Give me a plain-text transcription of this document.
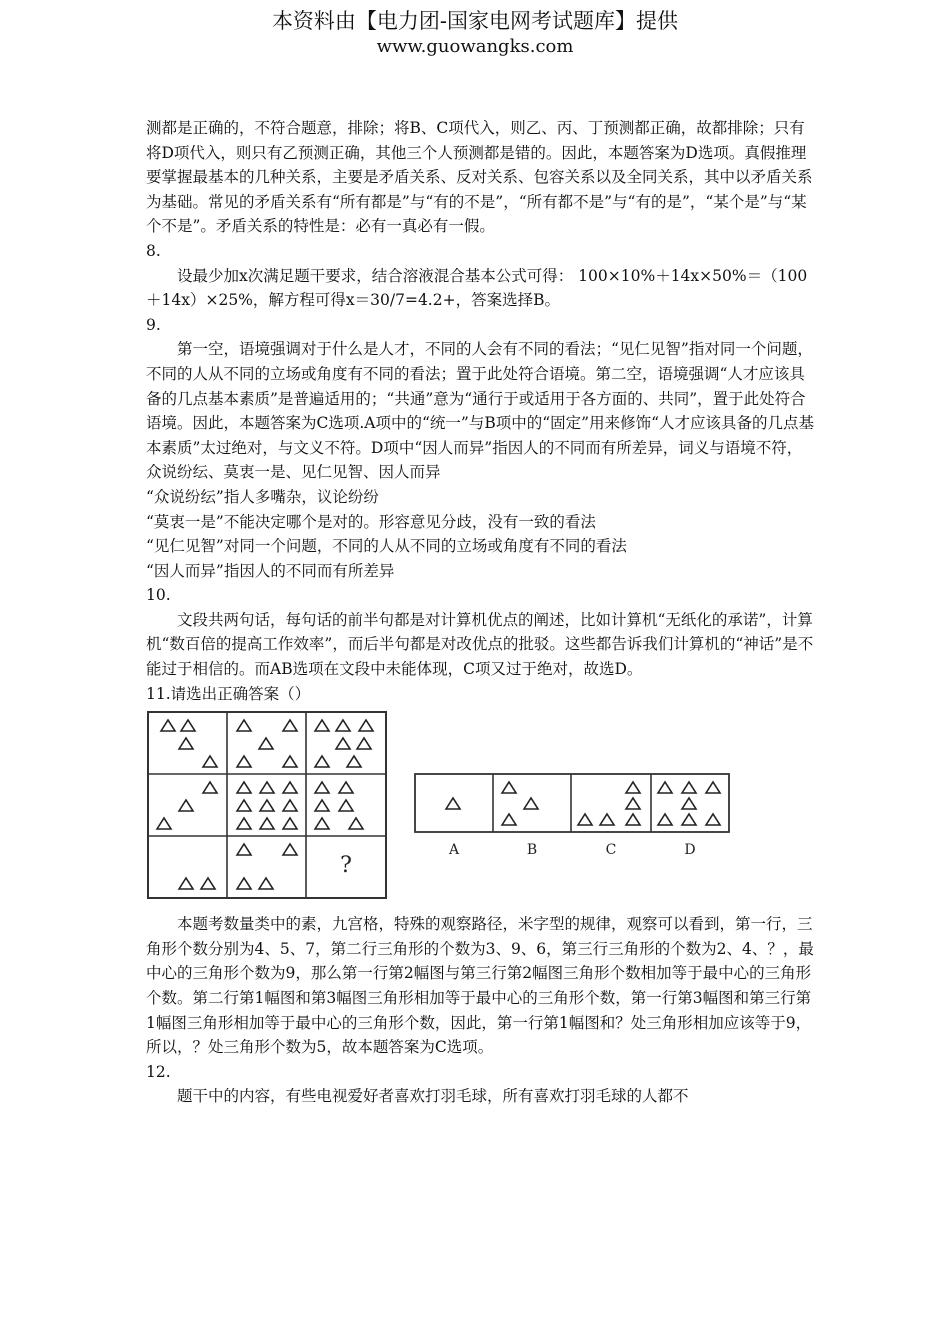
本资料由【电力团-国家电网考试题库】提供
www.guowangks.com

测都是正确的，不符合题意，排除；将B、C项代入，则乙、丙、丁预测都正确，故都排除；只有将D项代入，则只有乙预测正确，其他三个人预测都是错的。因此，本题答案为D选项。真假推理要掌握最基本的几种关系，主要是矛盾关系、反对关系、包容关系以及全同关系，其中以矛盾关系为基础。常见的矛盾关系有“所有都是”与“有的不是”，“所有都不是”与“有的是”，“某个是”与“某个不是”。矛盾关系的特性是：必有一真必有一假。

8.

设最少加x次满足题干要求，结合溶液混合基本公式可得： 100×10%＋14x×50%＝（100＋14x）×25%，解方程可得x＝30/7=4.2+，答案选择B。

9.

第一空，语境强调对于什么是人才，不同的人会有不同的看法；“见仁见智”指对同一个问题，不同的人从不同的立场或角度有不同的看法；置于此处符合语境。第二空，语境强调“人才应该具备的几点基本素质”是普遍适用的；“共通”意为“通行于或适用于各方面的、共同”，置于此处符合语境。因此，本题答案为C选项.A项中的“统一”与B项中的“固定”用来修饰“人才应该具备的几点基本素质”太过绝对，与文义不符。D项中“因人而异”指因人的不同而有所差异，词义与语境不符，众说纷纭、莫衷一是、见仁见智、因人而异

“众说纷纭”指人多嘴杂，议论纷纷

“莫衷一是”不能决定哪个是对的。形容意见分歧，没有一致的看法

“见仁见智”对同一个问题，不同的人从不同的立场或角度有不同的看法

“因人而异”指因人的不同而有所差异

10.

文段共两句话，每句话的前半句都是对计算机优点的阐述，比如计算机“无纸化的承诺”，计算机“数百倍的提高工作效率”，而后半句都是对改优点的批驳。这些都告诉我们计算机的“神话”是不能过于相信的。而AB选项在文段中未能体现，C项又过于绝对，故选D。

11.请选出正确答案（）

?
A	B	C	D

本题考数量类中的素，九宫格，特殊的观察路径，米字型的规律，观察可以看到，第一行，三角形个数分别为4、5、7，第二行三角形的个数为3、9、6，第三行三角形的个数为2、4、？，最中心的三角形个数为9，那么第一行第2幅图与第三行第2幅图三角形个数相加等于最中心的三角形个数。第二行第1幅图和第3幅图三角形相加等于最中心的三角形个数，第一行第3幅图和第三行第1幅图三角形相加等于最中心的三角形个数，因此，第一行第1幅图和？处三角形相加应该等于9，所以，？处三角形个数为5，故本题答案为C选项。

12.

题干中的内容，有些电视爱好者喜欢打羽毛球，所有喜欢打羽毛球的人都不
